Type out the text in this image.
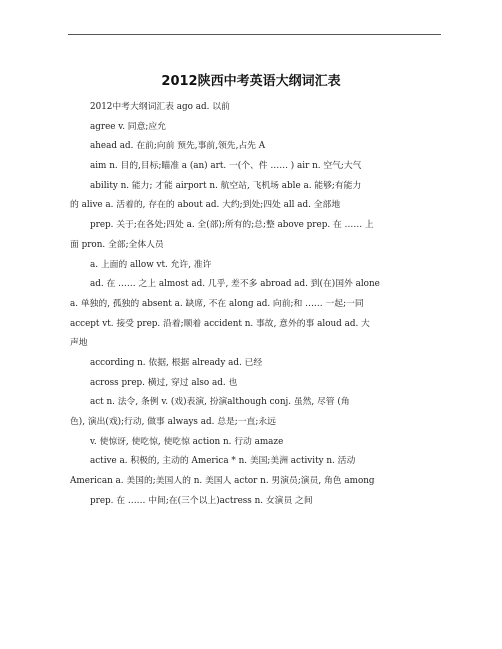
2012陕西中考英语大纲词汇表
2012中考大纲词汇表 ago ad. 以前
agree v. 同意;应允
ahead ad. 在前;向前 预先,事前,领先,占先 A
aim n. 目的,目标;瞄准 a (an) art. 一(个、件 …… ) air n. 空气;大气
ability n. 能力; 才能 airport n. 航空站, 飞机场 able a. 能够;有能力
的 alive a. 活着的, 存在的 about ad. 大约;到处;四处 all ad. 全部地
prep. 关于;在各处;四处 a. 全(部);所有的;总;整 above prep. 在 …… 上
面 pron. 全部;全体人员
a. 上面的 allow vt. 允许, 准许
ad. 在 …… 之上 almost ad. 几乎, 差不多 abroad ad. 到(在)国外 alone
a. 单独的, 孤独的 absent a. 缺席, 不在 along ad. 向前;和 …… 一起;一同
accept vt. 接受 prep. 沿着;顺着 accident n. 事故, 意外的事 aloud ad. 大
声地
according n. 依据, 根据 already ad. 已经
across prep. 横过, 穿过 also ad. 也
act n. 法令, 条例 v. (戏)表演, 扮演although conj. 虽然, 尽管 (角
色), 演出(戏);行动, 做事 always ad. 总是;一直;永远
v. 使惊讶, 使吃惊, 使吃惊 action n. 行动 amaze
active a. 积极的, 主动的 America * n. 美国;美洲 activity n. 活动
American a. 美国的;美国人的 n. 美国人 actor n. 男演员;演员, 角色 among
prep. 在 …… 中间;在(三个以上)actress n. 女演员 之间
